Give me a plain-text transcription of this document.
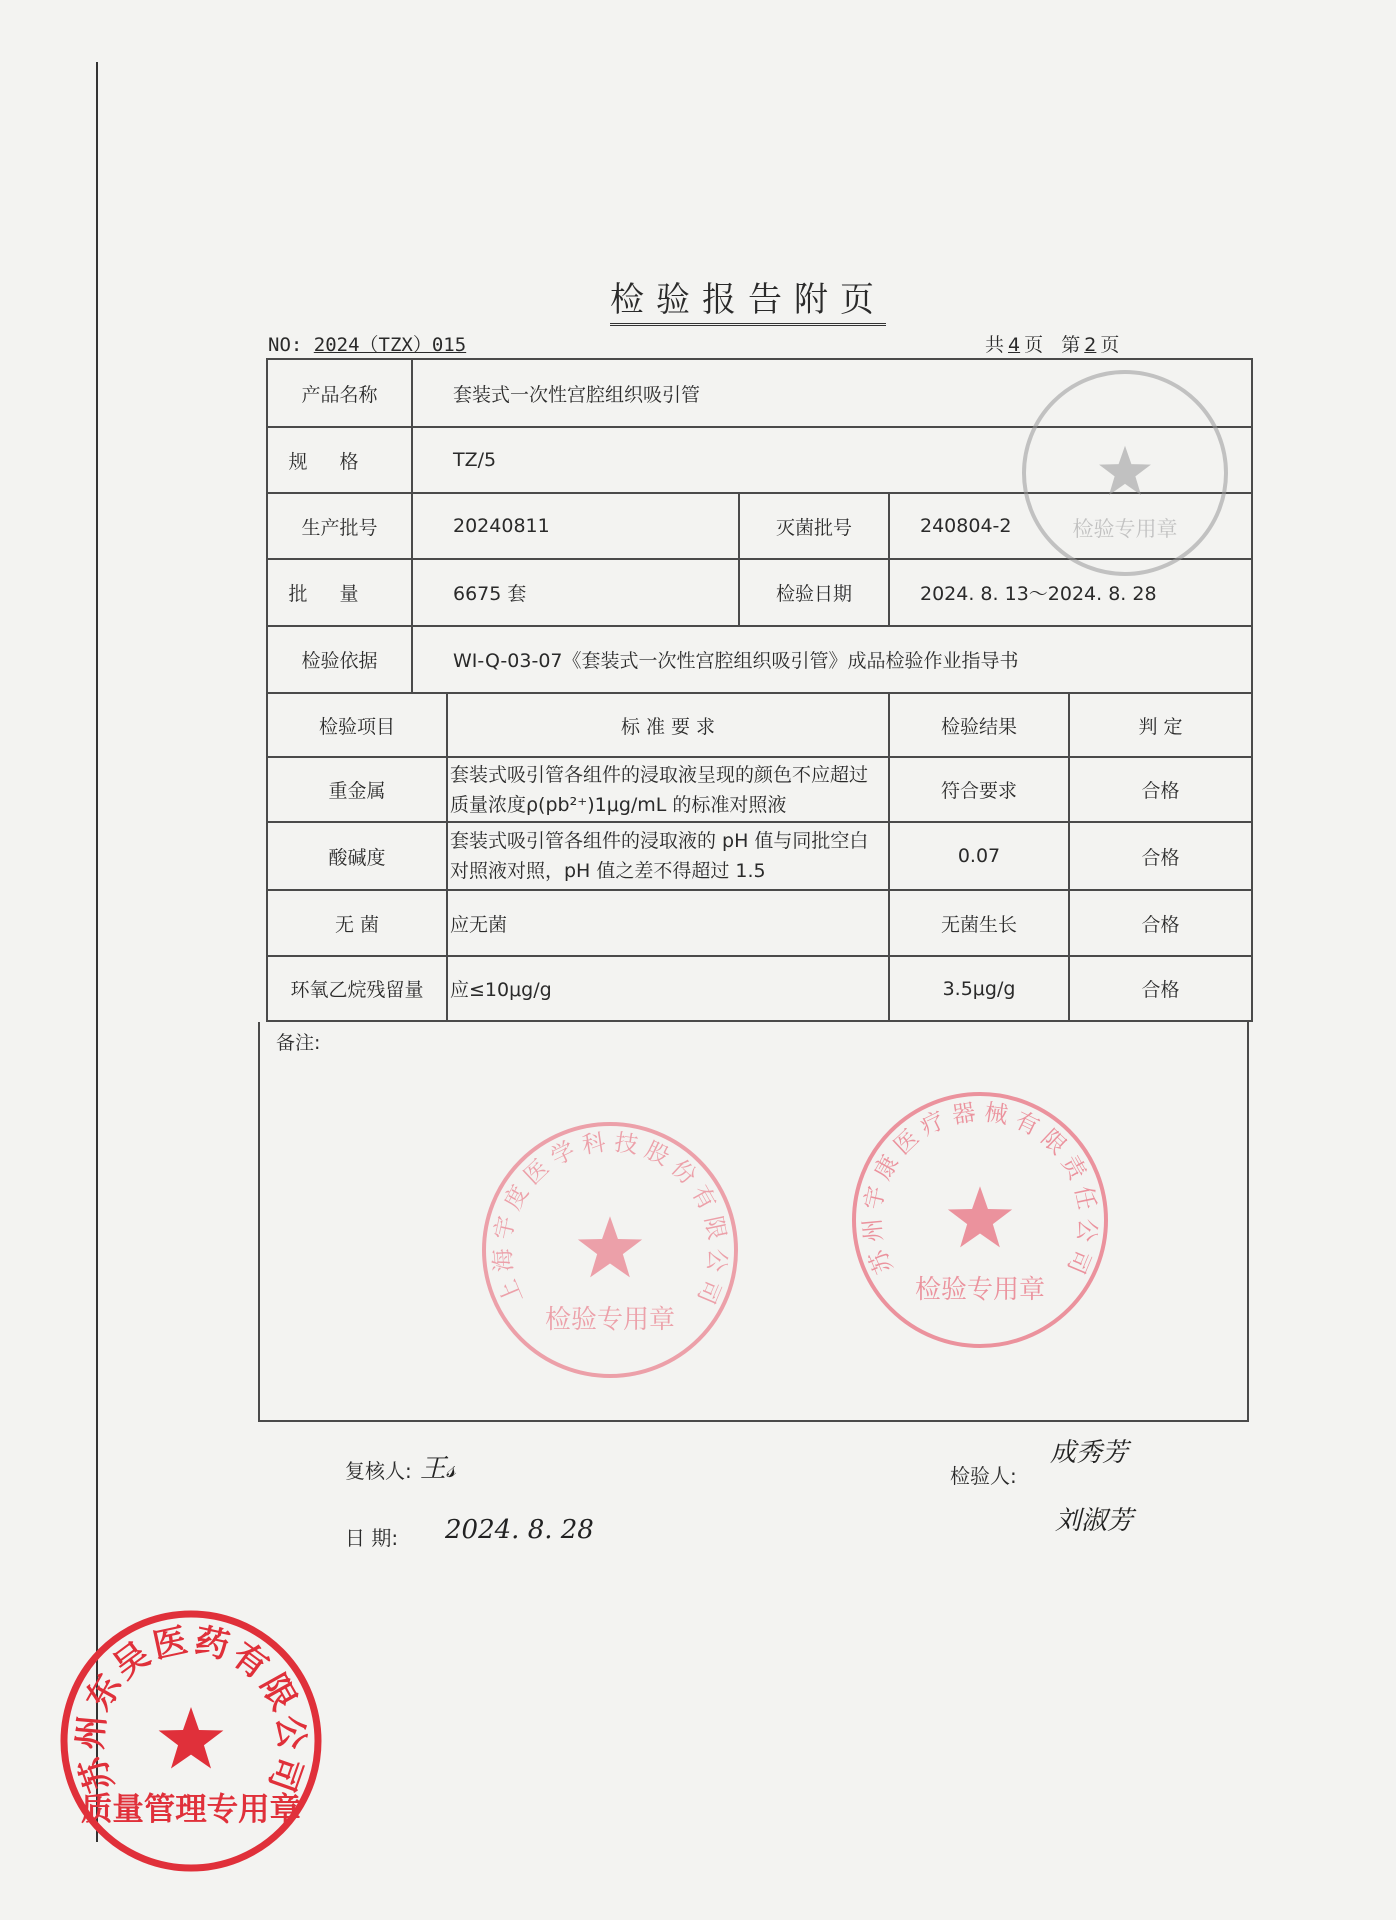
检验报告附页
NO: 2024（TZX）015	共 4 页 第 2 页
产品名称	套装式一次性宫腔组织吸引管				
规格	TZ/5				
生产批号	20240811		灭菌批号	240804-2	
批量	6675 套		检验日期	2024. 8. 13～2024. 8. 28	
检验依据	WI-Q-03-07《套装式一次性宫腔组织吸引管》成品检验作业指导书				
检验项目		标 准 要 求		检验结果	判 定
重金属		套装式吸引管各组件的浸取液呈现的颜色不应超过质量浓度ρ(pb²⁺)1μg/mL 的标准对照液		符合要求	合格
酸碱度		套装式吸引管各组件的浸取液的 pH 值与同批空白对照液对照，pH 值之差不得超过 1.5		0.07	合格
无 菌		应无菌		无菌生长	合格
环氧乙烷残留量		应≤10μg/g		3.5μg/g	合格
备注:
复核人: 王𝓈
日 期: 2024. 8. 28
检验人:
成秀芳
刘淑芳
检验专用章
苏
州
宇
康
医
疗 器 械 有
限
责
任
公
司
检验专用章
上
海
宇
度
医
学 科 技 股
份
有
限
公
司
检验专用章
苏
州
东
吴
医 药
有
限
公
司
质量管理专用章
